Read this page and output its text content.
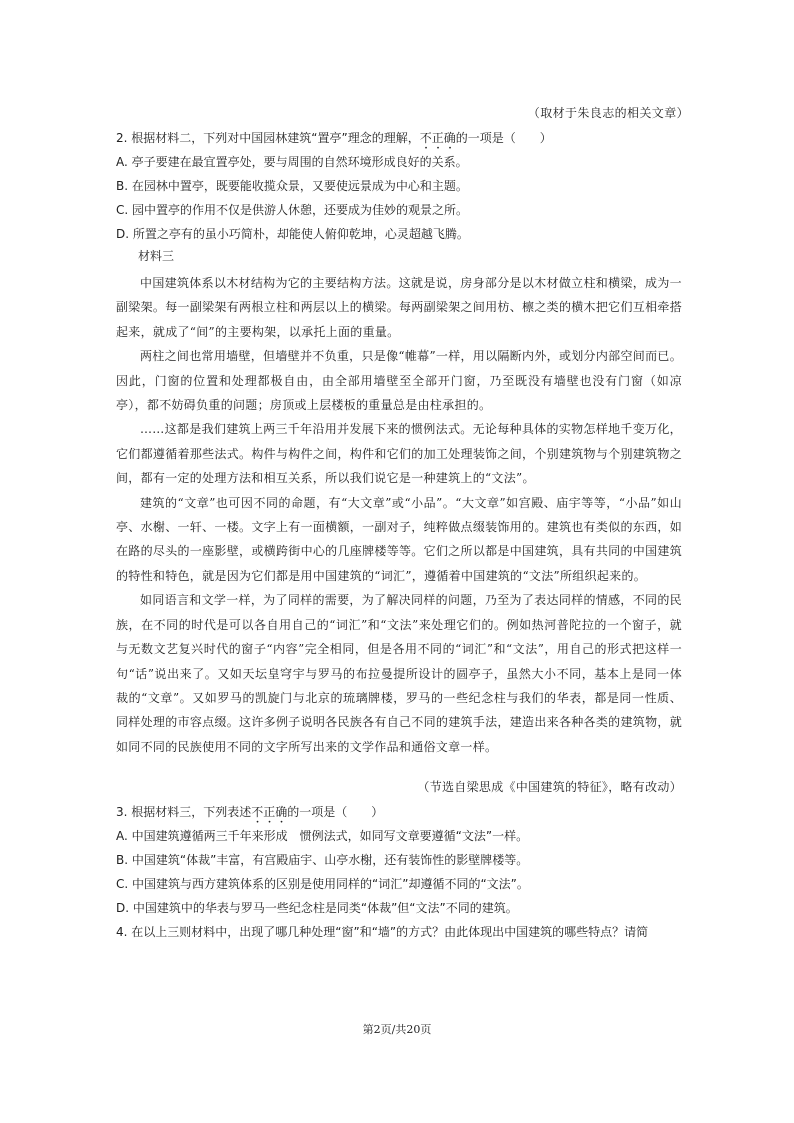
（取材于朱良志的相关文章）
2. 根据材料二，下列对中国园林建筑“置亭”理念的理解，不正确的一项是（　　）
A. 亭子要建在最宜置亭处，要与周围的自然环境形成良好的关系。
B. 在园林中置亭，既要能收揽众景，又要使远景成为中心和主题。
C. 园中置亭的作用不仅是供游人休憩，还要成为佳妙的观景之所。
D. 所置之亭有的虽小巧简朴，却能使人俯仰乾坤，心灵超越飞腾。
材料三

中国建筑体系以木材结构为它的主要结构方法。这就是说，房身部分是以木材做立柱和横梁，成为一副梁架。每一副梁架有两根立柱和两层以上的横梁。每两副梁架之间用枋、檩之类的横木把它们互相牵搭起来，就成了“间”的主要构架，以承托上面的重量。

两柱之间也常用墙壁，但墙壁并不负重，只是像“帷幕”一样，用以隔断内外，或划分内部空间而已。因此，门窗的位置和处理都极自由，由全部用墙壁至全部开门窗，乃至既没有墙壁也没有门窗（如凉亭），都不妨碍负重的问题；房顶或上层楼板的重量总是由柱承担的。

……这都是我们建筑上两三千年沿用并发展下来的惯例法式。无论每种具体的实物怎样地千变万化，它们都遵循着那些法式。构件与构件之间，构件和它们的加工处理装饰之间，个别建筑物与个别建筑物之间，都有一定的处理方法和相互关系，所以我们说它是一种建筑上的“文法”。

建筑的“文章”也可因不同的命题，有“大文章”或“小品”。“大文章”如宫殿、庙宇等等，“小品”如山亭、水榭、一轩、一楼。文字上有一面横额，一副对子，纯粹做点缀装饰用的。建筑也有类似的东西，如在路的尽头的一座影壁，或横跨街中心的几座牌楼等等。它们之所以都是中国建筑，具有共同的中国建筑的特性和特色，就是因为它们都是用中国建筑的“词汇”，遵循着中国建筑的“文法”所组织起来的。

如同语言和文学一样，为了同样的需要，为了解决同样的问题，乃至为了表达同样的情感，不同的民族，在不同的时代是可以各自用自己的“词汇”和“文法”来处理它们的。例如热河普陀拉的一个窗子，就与无数文艺复兴时代的窗子“内容”完全相同，但是各用不同的“词汇”和“文法”，用自己的形式把这样一句“话”说出来了。又如天坛皇穹宇与罗马的布拉曼提所设计的圆亭子，虽然大小不同，基本上是同一体裁的“文章”。又如罗马的凯旋门与北京的琉璃牌楼，罗马的一些纪念柱与我们的华表，都是同一性质、同样处理的市容点缀。这许多例子说明各民族各有自己不同的建筑手法，建造出来各种各类的建筑物，就如同不同的民族使用不同的文字所写出来的文学作品和通俗文章一样。

（节选自梁思成《中国建筑的特征》，略有改动）
3. 根据材料三，下列表述不正确的一项是（　　）
A. 中国建筑遵循两三千年来形成　惯例法式，如同写文章要遵循“文法”一样。
B. 中国建筑“体裁”丰富，有宫殿庙宇、山亭水榭，还有装饰性的影壁牌楼等。
C. 中国建筑与西方建筑体系的区别是使用同样的“词汇”却遵循不同的“文法”。
D. 中国建筑中的华表与罗马一些纪念柱是同类“体裁”但“文法”不同的建筑。
4. 在以上三则材料中，出现了哪几种处理“窗”和“墙”的方式？由此体现出中国建筑的哪些特点？请简
第2页/共20页
